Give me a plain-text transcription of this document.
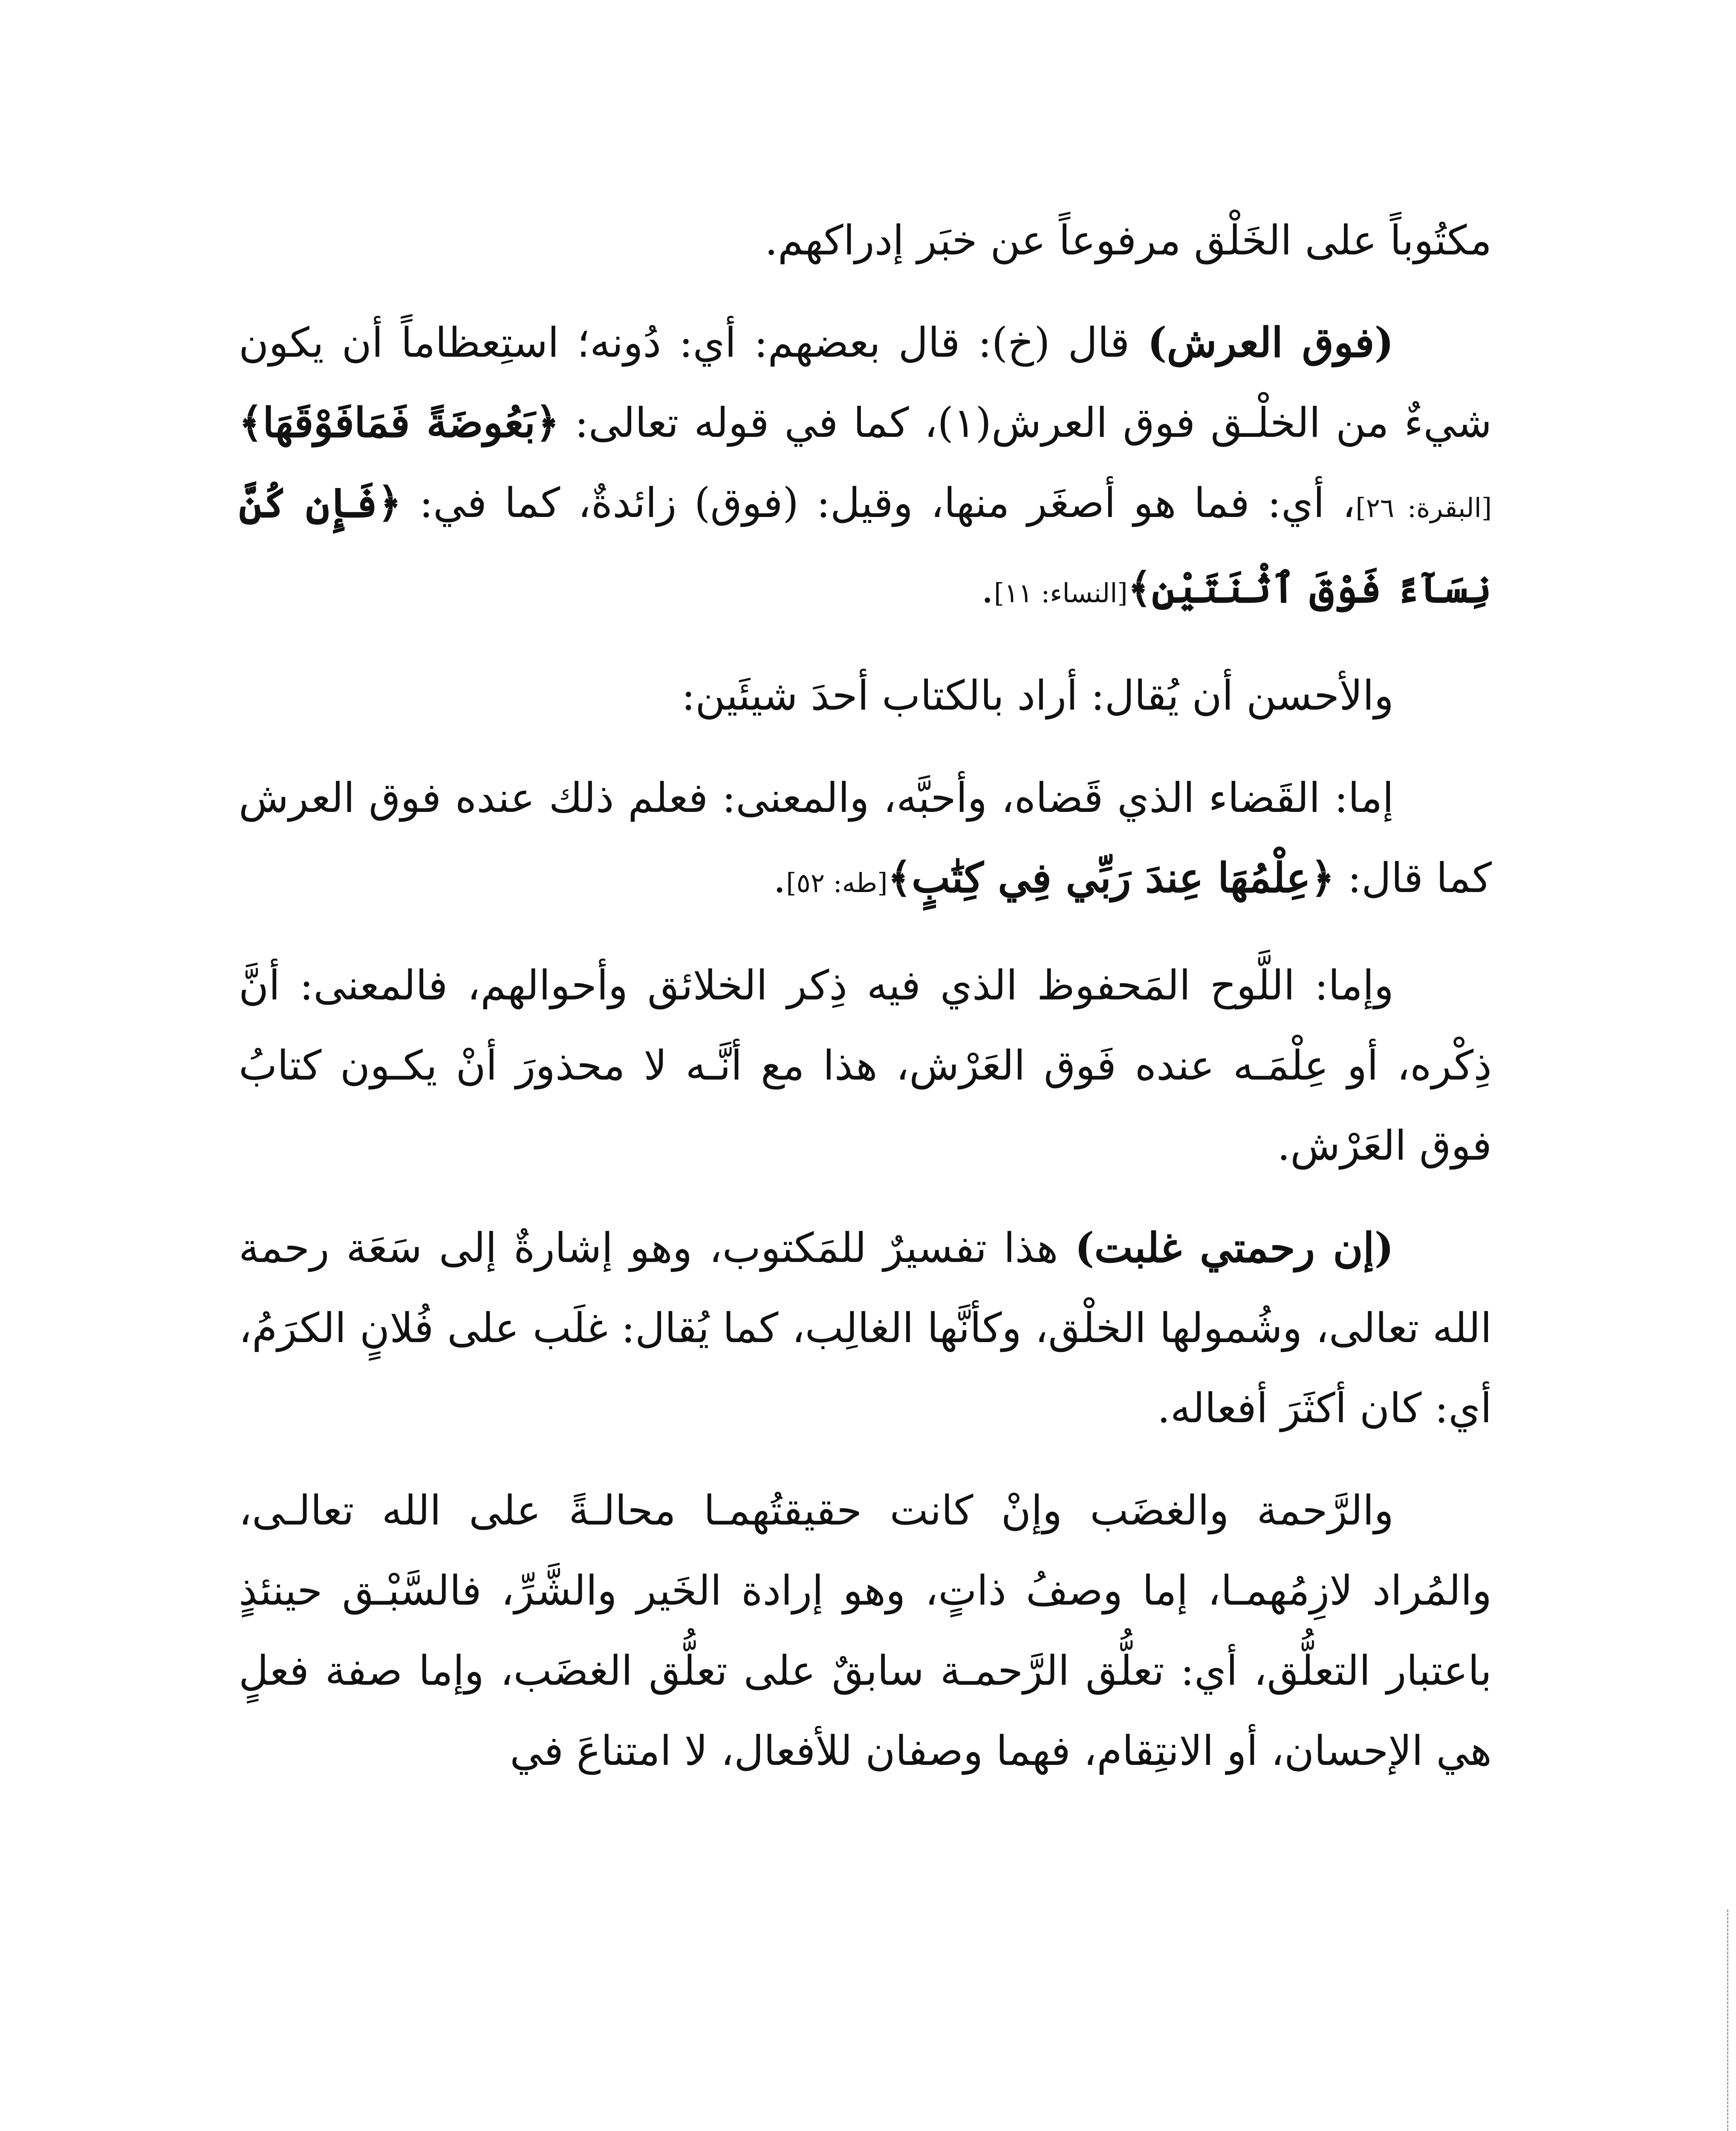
مكتُوباً على الخَلْق مرفوعاً عن خبَر إدراكهم.

(فوق العرش) قال (خ): قال بعضهم: أي: دُونه؛ استِعظاماً أن يكون شيءٌ من الخلْـق فوق العرش(١)، كما في قوله تعالى: ﴿بَعُوضَةً فَمَافَوْقَهَا﴾[البقرة: ٢٦]، أي: فما هو أصغَر منها، وقيل: (فوق) زائدةٌ، كما في: ﴿فَإِن كُنَّ نِسَآءً فَوْقَ ٱثْنَتَيْنِ﴾[النساء: ١١].

والأحسن أن يُقال: أراد بالكتاب أحدَ شيئَين:

إما: القَضاء الذي قَضاه، وأحبَّه، والمعنى: فعلم ذلك عنده فوق العرش كما قال: ﴿عِلْمُهَا عِندَ رَبِّي فِي كِتَٰبٍ﴾[طه: ٥٢].

وإما: اللَّوح المَحفوظ الذي فيه ذِكر الخلائق وأحوالهم، فالمعنى: أنَّ ذِكْره، أو عِلْمَـه عنده فَوق العَرْش، هذا مع أنَّـه لا محذورَ أنْ يكـون كتابُ فوق العَرْش.

(إن رحمتي غلبت) هذا تفسيرٌ للمَكتوب، وهو إشارةٌ إلى سَعَة رحمة الله تعالى، وشُمولها الخلْق، وكأنَّها الغالِب، كما يُقال: غلَب على فُلانٍ الكرَمُ، أي: كان أكثَرَ أفعاله.

والرَّحمة والغضَب وإنْ كانت حقيقتُهمـا محالـةً على الله تعالـى، والمُراد لازِمُهمـا، إما وصفُ ذاتٍ، وهو إرادة الخَير والشَّرِّ، فالسَّبْـق حينئذٍ باعتبار التعلُّق، أي: تعلُّق الرَّحمـة سابقٌ على تعلُّق الغضَب، وإما صفة فعلٍ هي الإحسان، أو الانتِقام، فهما وصفان للأفعال، لا امتناعَ في
